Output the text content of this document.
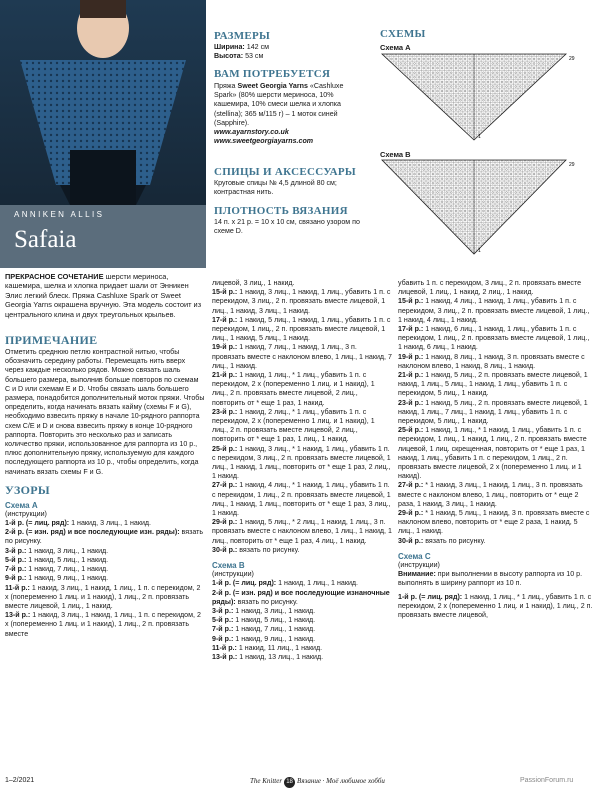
ANNIKEN ALLIS
Safaia
РАЗМЕРЫ

Ширина: 142 см

Высота: 53 см

ВАМ ПОТРЕБУЕТСЯ
Пряжа Sweet Georgia Yarns «Cashluxe Spark» (80% шерсти мериноса, 10% кашемира, 10% смеси шелка и хлопка (stellina); 365 м/115 г) – 1 моток синей (Sapphire).

www.ayarnstory.co.uk

www.sweetgeorgiayarns.com

СПИЦЫ И АКСЕССУАРЫ
Круговые спицы № 4,5 длиной 80 см; контрастная нить.
ПЛОТНОСТЬ ВЯЗАНИЯ
14 п. x 21 р. = 10 x 10 см, связано узором по схеме D.
СХЕМЫ
Схема A
29
1
Схема B
29
1

ПРЕКРАСНОЕ СОЧЕТАНИЕ шерсти мериноса, кашемира, шелка и хлопка придает шали от Энникен Элис легкий блеск. Пряжа Cashluxe Spark от Sweet Georgia Yarns окрашена вручную. Эта модель состоит из центрального клина и двух треугольных крыльев.

ПРИМЕЧАНИЕ

Отметить среднюю петлю контрастной нитью, чтобы обозначить середину работы. Перемещать нить вверх через каждые несколько рядов. Можно связать шаль большего размера, выполнив больше повторов по схемам C и D или схемам E и D. Чтобы связать шаль большего размера, понадобится дополнительный моток пряжи. Чтобы определить, когда начинать вязать кайму (схемы F и G), необходимо взвесить пряжу в начале 10-рядного раппорта схем C/E и D и снова взвесить пряжу в конце 10-рядного раппорта. Повторить это несколько раз и записать количество пряжи, использованное для раппорта из 10 р., плюс дополнительную пряжу, используемую для каждого последующего раппорта из 10 р., чтобы определить, когда начинать вязать схемы F и G.

УЗОРЫ
Схема A

(инструкции)

1-й р. (= лиц. ряд): 1 накид, 3 лиц., 1 накид.

2-й р. (= изн. ряд) и все последующие изн. ряды): вязать по рисунку.

3-й р.: 1 накид, 3 лиц., 1 накид.

5-й р.: 1 накид, 5 лиц., 1 накид.

7-й р.: 1 накид, 7 лиц., 1 накид.

9-й р.: 1 накид, 9 лиц., 1 накид.

11-й р.: 1 накид, 3 лиц., 1 накид, 1 лиц., 1 п. с перекидом, 2 х (попеременно 1 лиц. и 1 накид), 1 лиц., 2 п. провязать вместе лицевой, 1 лиц., 1 накид.

13-й р.: 1 накид, 3 лиц., 1 накид, 1 лиц., 1 п. с перекидом, 2 х (попеременно 1 лиц. и 1 накид), 1 лиц., 2 п. провязать вместе

лицевой, 3 лиц., 1 накид.

15-й р.: 1 накид, 3 лиц., 1 накид, 1 лиц., убавить 1 п. с перекидом, 3 лиц., 2 п. провязать вместе лицевой, 1 лиц., 1 накид, 3 лиц., 1 накид.

17-й р.: 1 накид, 5 лиц., 1 накид, 1 лиц., убавить 1 п. с перекидом, 1 лиц., 2 п. провязать вместе лицевой, 1 лиц., 1 накид, 5 лиц., 1 накид.

19-й р.: 1 накид, 7 лиц., 1 накид, 1 лиц., 3 п. провязать вместе с наклоном влево, 1 лиц., 1 накид, 7 лиц., 1 накид.

21-й р.: 1 накид, 1 лиц., * 1 лиц., убавить 1 п. с перекидом, 2 х (попеременно 1 лиц. и 1 накид), 1 лиц., 2 п. провязать вместе лицевой, 2 лиц., повторить от * еще 1 раз, 1 накид.

23-й р.: 1 накид, 2 лиц., * 1 лиц., убавить 1 п. с перекидом, 2 х (попеременно 1 лиц. и 1 накид), 1 лиц., 2 п. провязать вместе лицевой, 2 лиц., повторить от * еще 1 раз, 1 лиц., 1 накид.

25-й р.: 1 накид, 3 лиц., * 1 накид, 1 лиц., убавить 1 п. с перекидом, 3 лиц., 2 п. провязать вместе лицевой, 1 лиц., 1 накид, 1 лиц., повторить от * еще 1 раз, 2 лиц., 1 накид.

27-й р.: 1 накид, 4 лиц., * 1 накид, 1 лиц., убавить 1 п. с перекидом, 1 лиц., 2 п. провязать вместе лицевой, 1 лиц., 1 накид, 1 лиц., повторить от * еще 1 раз, 3 лиц., 1 накид.

29-й р.: 1 накид, 5 лиц., * 2 лиц., 1 накид, 1 лиц., 3 п. провязать вместе с наклоном влево, 1 лиц., 1 накид, 1 лиц., повторить от * еще 1 раз, 4 лиц., 1 накид.

30-й р.: вязать по рисунку.

Схема B

(инструкции)

1-й р. (= лиц. ряд): 1 накид, 1 лиц., 1 накид.

2-й р. (= изн. ряд) и все последующие изнаночные ряды): вязать по рисунку.

3-й р.: 1 накид, 3 лиц., 1 накид.

5-й р.: 1 накид, 5 лиц., 1 накид.

7-й р.: 1 накид, 7 лиц., 1 накид.

9-й р.: 1 накид, 9 лиц., 1 накид.

11-й р.: 1 накид, 11 лиц., 1 накид.

13-й р.: 1 накид, 13 лиц., 1 накид.

убавить 1 п. с перекидом, 3 лиц., 2 п. провязать вместе лицевой, 1 лиц., 1 накид, 2 лиц., 1 накид.

15-й р.: 1 накид, 4 лиц., 1 накид, 1 лиц., убавить 1 п. с перекидом, 3 лиц., 2 п. провязать вместе лицевой, 1 лиц., 1 накид, 4 лиц., 1 накид.

17-й р.: 1 накид, 6 лиц., 1 накид, 1 лиц., убавить 1 п. с перекидом, 1 лиц., 2 п. провязать вместе лицевой, 1 лиц., 1 накид, 6 лиц., 1 накид.

19-й р.: 1 накид, 8 лиц., 1 накид, 3 п. провязать вместе с наклоном влево, 1 накид, 8 лиц., 1 накид.

21-й р.: 1 накид, 5 лиц., 2 п. провязать вместе лицевой, 1 накид, 1 лиц., 5 лиц., 1 накид, 1 лиц., убавить 1 п. с перекидом, 5 лиц., 1 накид.

23-й р.: 1 накид, 5 лиц., 2 п. провязать вместе лицевой, 1 накид, 1 лиц., 7 лиц., 1 накид, 1 лиц., убавить 1 п. с перекидом, 5 лиц., 1 накид.

25-й р.: 1 накид, 1 лиц., * 1 накид, 1 лиц., убавить 1 п. с перекидом, 1 лиц., 1 накид, 1 лиц., 2 п. провязать вместе лицевой, 1 лиц. скрещенная, повторить от * еще 1 раз, 1 накид, 1 лиц., убавить 1 п. с перекидом, 1 лиц., 2 п. провязать вместе лицевой, 2 х (попеременно 1 лиц. и 1 накид).

27-й р.: * 1 накид, 3 лиц., 1 накид, 1 лиц., 3 п. провязать вместе с наклоном влево, 1 лиц., повторить от * еще 2 раза, 1 накид, 3 лиц., 1 накид.

29-й р.: * 1 накид, 5 лиц., 1 накид, 3 п. провязать вместе с наклоном влево, повторить от * еще 2 раза, 1 накид, 5 лиц., 1 накид.

30-й р.: вязать по рисунку.

Схема C

(инструкции)

Внимание: при выполнении в высоту раппорта из 10 р. выполнять в ширину раппорт из 10 п.

1-й р. (= лиц. ряд): 1 накид, 1 лиц., * 1 лиц., убавить 1 п. с перекидом, 2 х (попеременно 1 лиц. и 1 накид), 1 лиц., 2 п. провязать вместе лицевой,

1–2/2021	The Knitter 18 Вязание · Моё любимое хобби	PassionForum.ru
